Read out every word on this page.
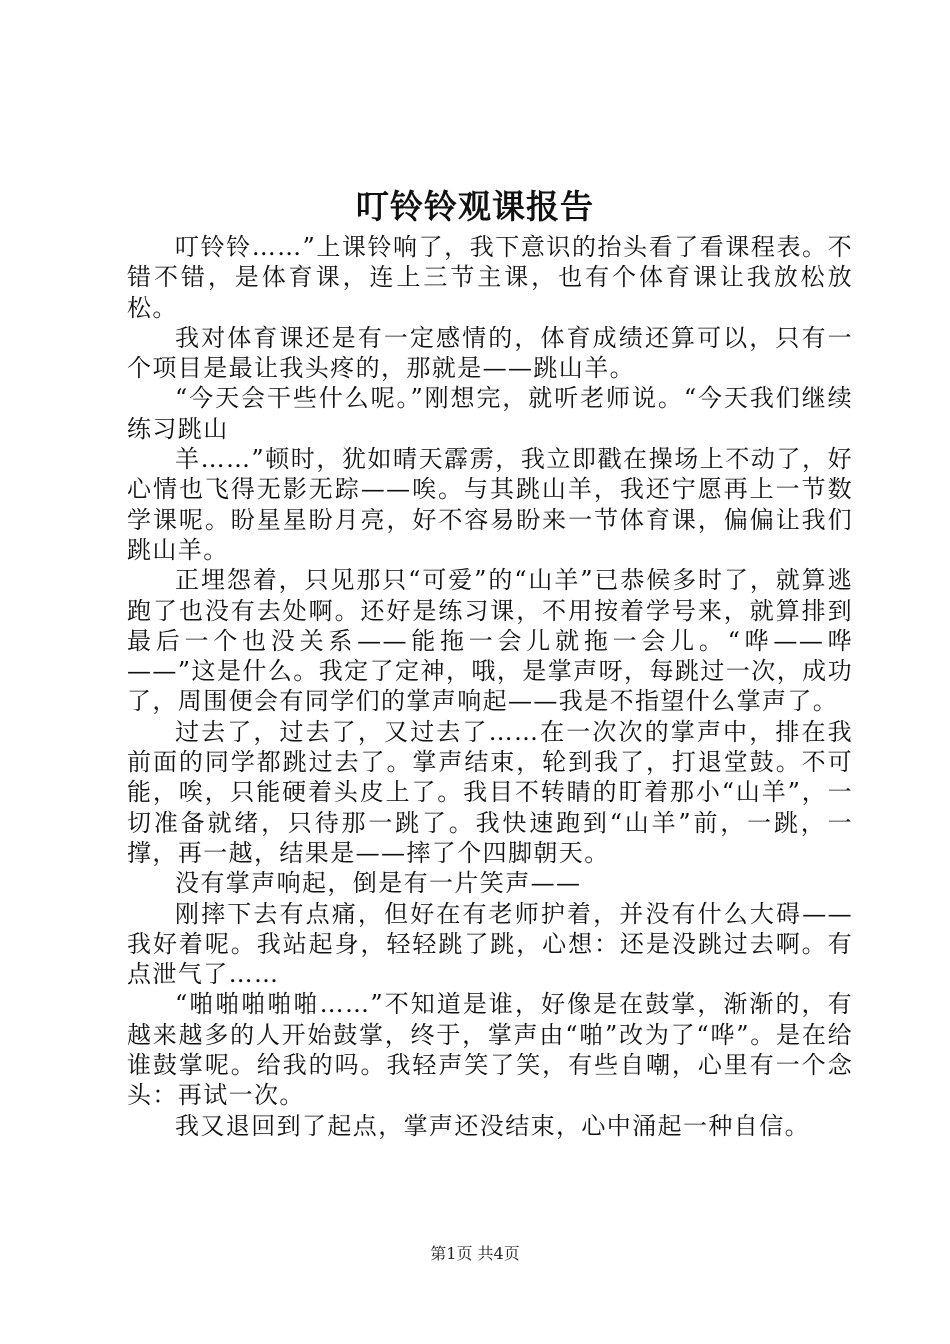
叮铃铃观课报告

叮铃铃……”上课铃响了，我下意识的抬头看了看课程表。不错不错，是体育课，连上三节主课，也有个体育课让我放松放松。

我对体育课还是有一定感情的，体育成绩还算可以，只有一个项目是最让我头疼的，那就是——跳山羊。

“今天会干些什么呢。”刚想完，就听老师说。“今天我们继续练习跳山

羊……”顿时，犹如晴天霹雳，我立即戳在操场上不动了，好心情也飞得无影无踪——唉。与其跳山羊，我还宁愿再上一节数学课呢。盼星星盼月亮，好不容易盼来一节体育课，偏偏让我们跳山羊。

正埋怨着，只见那只“可爱”的“山羊”已恭候多时了，就算逃跑了也没有去处啊。还好是练习课，不用按着学号来，就算排到最后一个也没关系——能拖一会儿就拖一会儿。“哗——哗——”这是什么。我定了定神，哦，是掌声呀，每跳过一次，成功了，周围便会有同学们的掌声响起——我是不指望什么掌声了。

过去了，过去了，又过去了……在一次次的掌声中，排在我前面的同学都跳过去了。掌声结束，轮到我了，打退堂鼓。不可能，唉，只能硬着头皮上了。我目不转睛的盯着那小“山羊”，一切准备就绪，只待那一跳了。我快速跑到“山羊”前，一跳，一撑，再一越，结果是——摔了个四脚朝天。

没有掌声响起，倒是有一片笑声——

刚摔下去有点痛，但好在有老师护着，并没有什么大碍——我好着呢。我站起身，轻轻跳了跳，心想：还是没跳过去啊。有点泄气了……

“啪啪啪啪啪……”不知道是谁，好像是在鼓掌，渐渐的，有越来越多的人开始鼓掌，终于，掌声由“啪”改为了“哗”。是在给谁鼓掌呢。给我的吗。我轻声笑了笑，有些自嘲，心里有一个念头：再试一次。

我又退回到了起点，掌声还没结束，心中涌起一种自信。

第1页 共4页
